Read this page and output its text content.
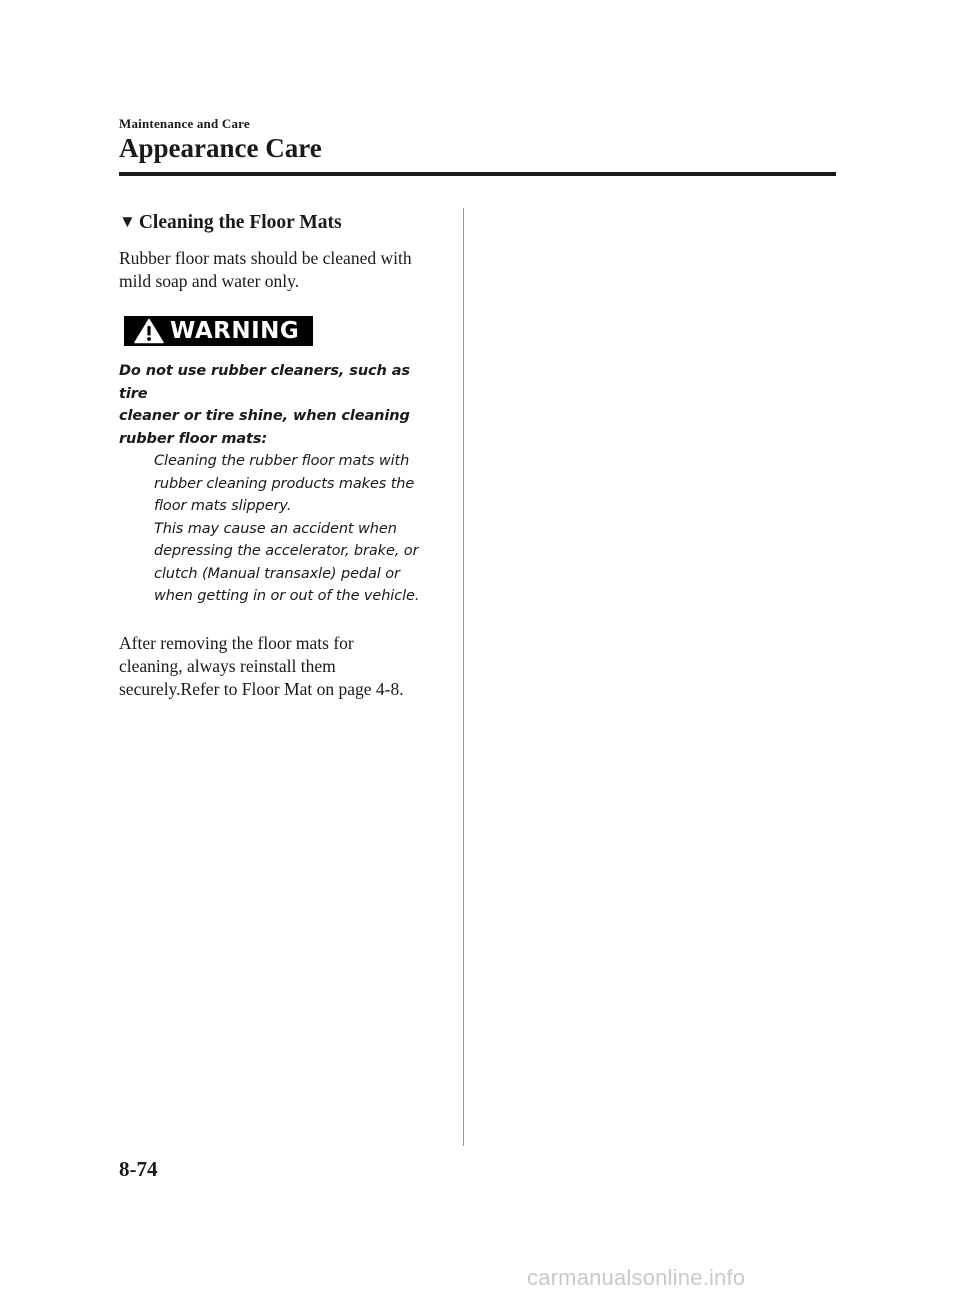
Maintenance and Care
Appearance Care
▼ Cleaning the Floor Mats

Rubber floor mats should be cleaned with
mild soap and water only.

WARNING

Do not use rubber cleaners, such as tire
cleaner or tire shine, when cleaning
rubber floor mats:

Cleaning the rubber floor mats with
rubber cleaning products makes the
floor mats slippery.
This may cause an accident when
depressing the accelerator, brake, or
clutch (Manual transaxle) pedal or
when getting in or out of the vehicle.

After removing the floor mats for
cleaning, always reinstall them
securely.Refer to Floor Mat on page 4-8.

8-74
carmanualsonline.info
